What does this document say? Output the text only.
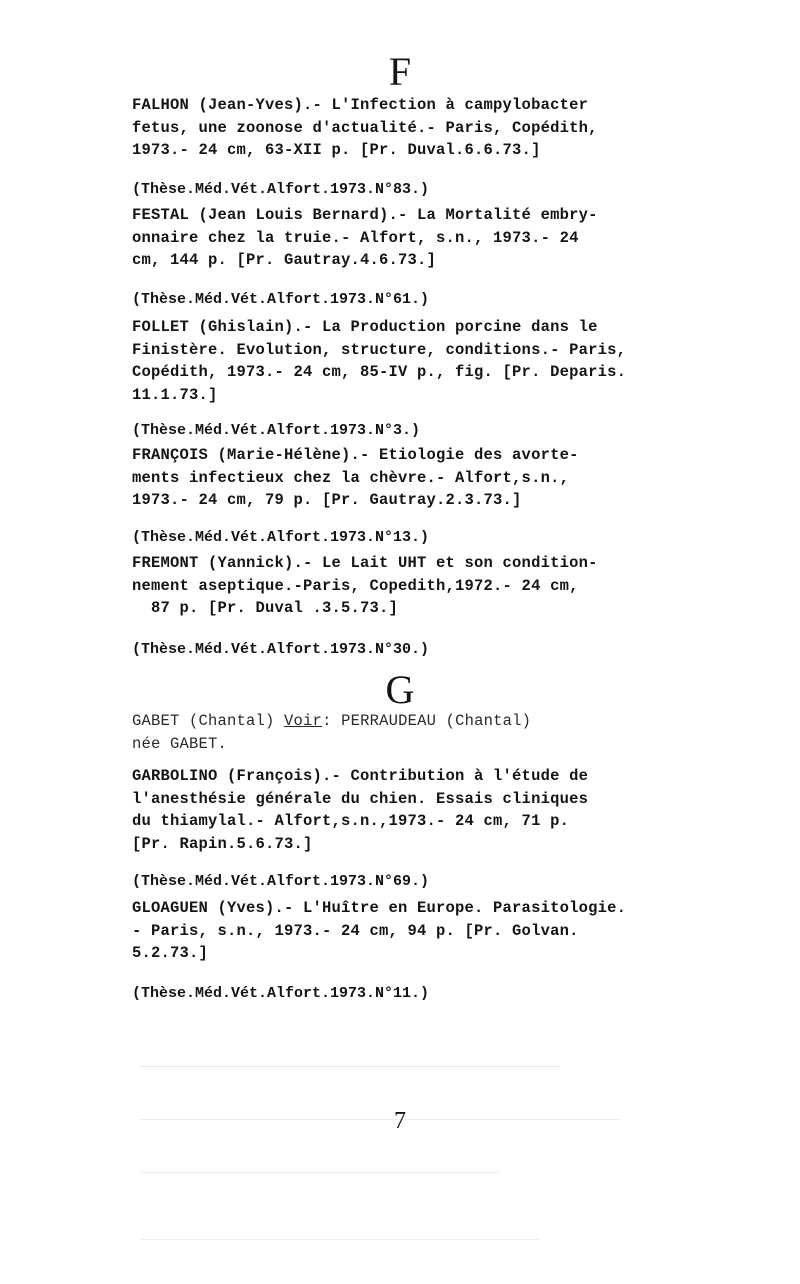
F
FALHON (Jean-Yves).- L'Infection à campylobacter
fetus, une zoonose d'actualité.- Paris, Copédith,
1973.- 24 cm, 63-XII p. [Pr. Duval.6.6.73.]
(Thèse.Méd.Vét.Alfort.1973.N°83.)
FESTAL (Jean Louis Bernard).- La Mortalité embry-
onnaire chez la truie.- Alfort, s.n., 1973.- 24
cm, 144 p. [Pr. Gautray.4.6.73.]
(Thèse.Méd.Vét.Alfort.1973.N°61.)
FOLLET (Ghislain).- La Production porcine dans le
Finistère. Evolution, structure, conditions.- Paris,
Copédith, 1973.- 24 cm, 85-IV p., fig. [Pr. Deparis.
11.1.73.]
(Thèse.Méd.Vét.Alfort.1973.N°3.)
FRANÇOIS (Marie-Hélène).- Etiologie des avorte-
ments infectieux chez la chèvre.- Alfort,s.n.,
1973.- 24 cm, 79 p. [Pr. Gautray.2.3.73.]
(Thèse.Méd.Vét.Alfort.1973.N°13.)
FREMONT (Yannick).- Le Lait UHT et son condition-
nement aseptique.-Paris, Copedith,1972.- 24 cm,
87 p. [Pr. Duval .3.5.73.]
(Thèse.Méd.Vét.Alfort.1973.N°30.)
G
GABET (Chantal) Voir: PERRAUDEAU (Chantal)
née GABET.
GARBOLINO (François).- Contribution à l'étude de
l'anesthésie générale du chien. Essais cliniques
du thiamylal.- Alfort,s.n.,1973.- 24 cm, 71 p.
[Pr. Rapin.5.6.73.]
(Thèse.Méd.Vét.Alfort.1973.N°69.)
GLOAGUEN (Yves).- L'Huître en Europe. Parasitologie.
- Paris, s.n., 1973.- 24 cm, 94 p. [Pr. Golvan.
5.2.73.]
(Thèse.Méd.Vét.Alfort.1973.N°11.)

7
